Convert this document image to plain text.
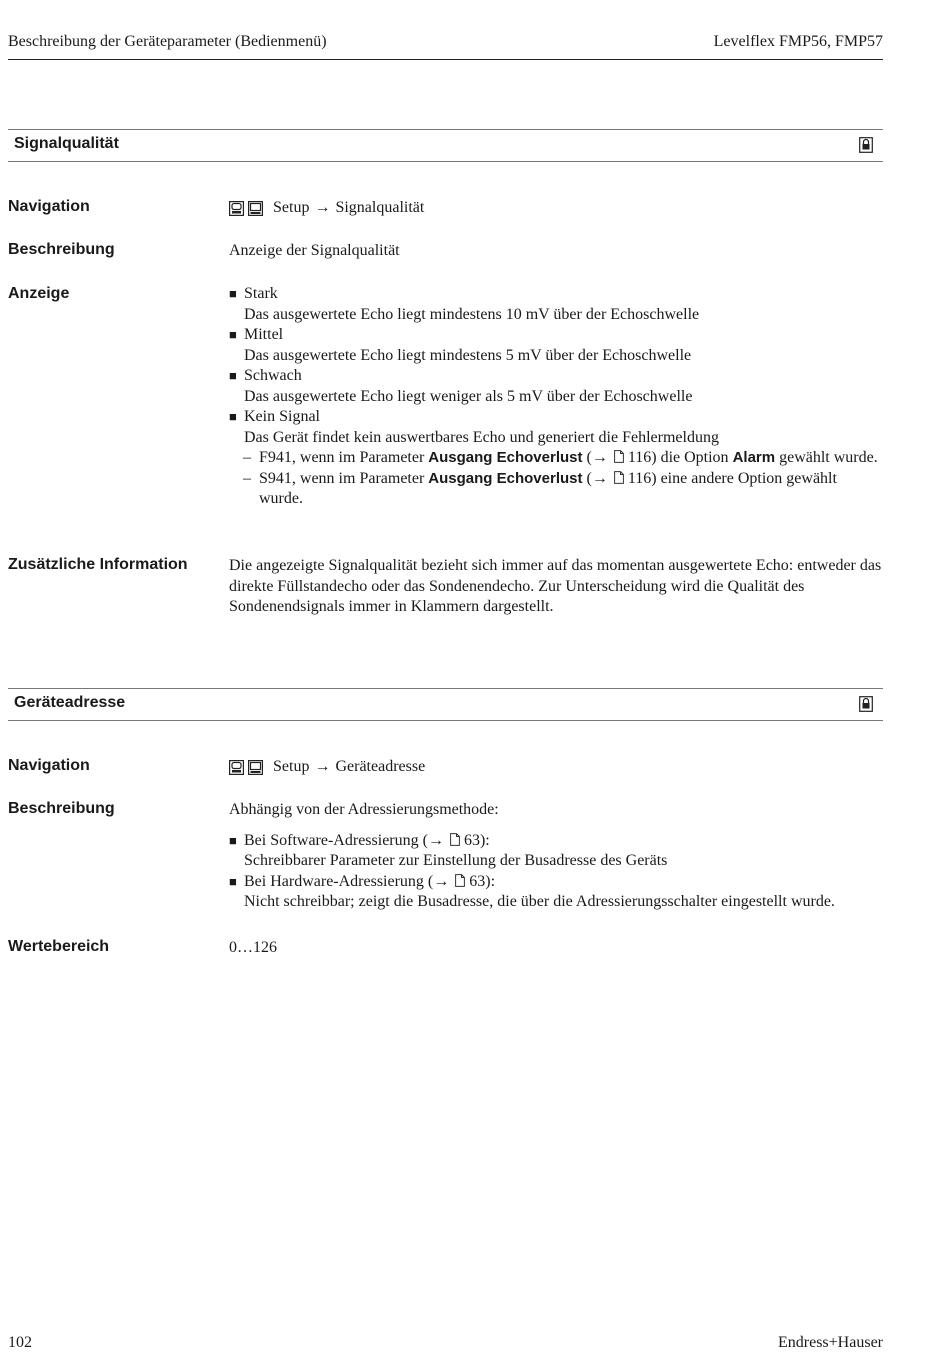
Beschreibung der Geräteparameter (Bedienmenü)	Levelflex FMP56, FMP57
Signalqualität
Navigation	Setup → Signalqualität
Beschreibung	Anzeige der Signalqualität
Anzeige
■	Stark
Das ausgewertete Echo liegt mindestens 10 mV über der Echoschwelle
■ Mittel
Das ausgewertete Echo liegt mindestens 5 mV über der Echoschwelle
■ Schwach
Das ausgewertete Echo liegt weniger als 5 mV über der Echoschwelle
■ Kein Signal
Das Gerät findet kein auswertbares Echo und generiert die Fehlermeldung
– F941, wenn im Parameter Ausgang Echoverlust (→ 116) die Option Alarm gewählt wurde.
– S941, wenn im Parameter Ausgang Echoverlust (→ 116) eine andere Option gewählt wurde.
Zusätzliche Information	Die angezeigte Signalqualität bezieht sich immer auf das momentan ausgewertete Echo: entweder das direkte Füllstandecho oder das Sondenendecho. Zur Unterscheidung wird die Qualität des Sondenendsignals immer in Klammern dargestellt.
Geräteadresse
Navigation	Setup → Geräteadresse
Beschreibung	Abhängig von der Adressierungsmethode:
■ Bei Software-Adressierung (→ 63):
Schreibbarer Parameter zur Einstellung der Busadresse des Geräts
■ Bei Hardware-Adressierung (→ 63):
Nicht schreibbar; zeigt die Busadresse, die über die Adressierungsschalter eingestellt wurde.
Wertebereich	0…126
102	Endress+Hauser
